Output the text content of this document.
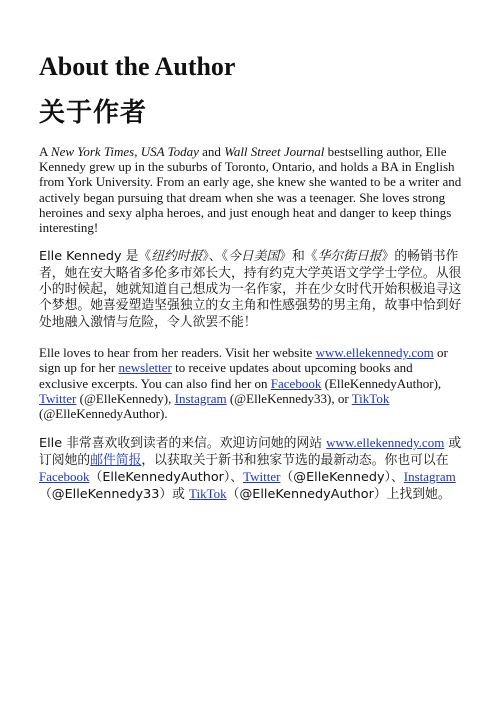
About the Author
关于作者

A New York Times, USA Today and Wall Street Journal bestselling author, Elle Kennedy grew up in the suburbs of Toronto, Ontario, and holds a BA in English from York University. From an early age, she knew she wanted to be a writer and actively began pursuing that dream when she was a teenager. She loves strong heroines and sexy alpha heroes, and just enough heat and danger to keep things interesting!

Elle Kennedy 是《纽约时报》、《今日美国》和《华尔街日报》的畅销书作者，她在安大略省多伦多市郊长大，持有约克大学英语文学学士学位。从很小的时候起，她就知道自己想成为一名作家，并在少女时代开始积极追寻这个梦想。她喜爱塑造坚强独立的女主角和性感强势的男主角，故事中恰到好处地融入激情与危险，令人欲罢不能！

Elle loves to hear from her readers. Visit her website www.ellekennedy.com or sign up for her newsletter to receive updates about upcoming books and exclusive excerpts. You can also find her on Facebook (ElleKennedyAuthor), Twitter (@ElleKennedy), Instagram (@ElleKennedy33), or TikTok (@ElleKennedyAuthor).

Elle 非常喜欢收到读者的来信。欢迎访问她的网站 www.ellekennedy.com 或订阅她的邮件简报，以获取关于新书和独家节选的最新动态。你也可以在Facebook（ElleKennedyAuthor）、Twitter（@ElleKennedy）、Instagram（@ElleKennedy33）或 TikTok（@ElleKennedyAuthor）上找到她。
